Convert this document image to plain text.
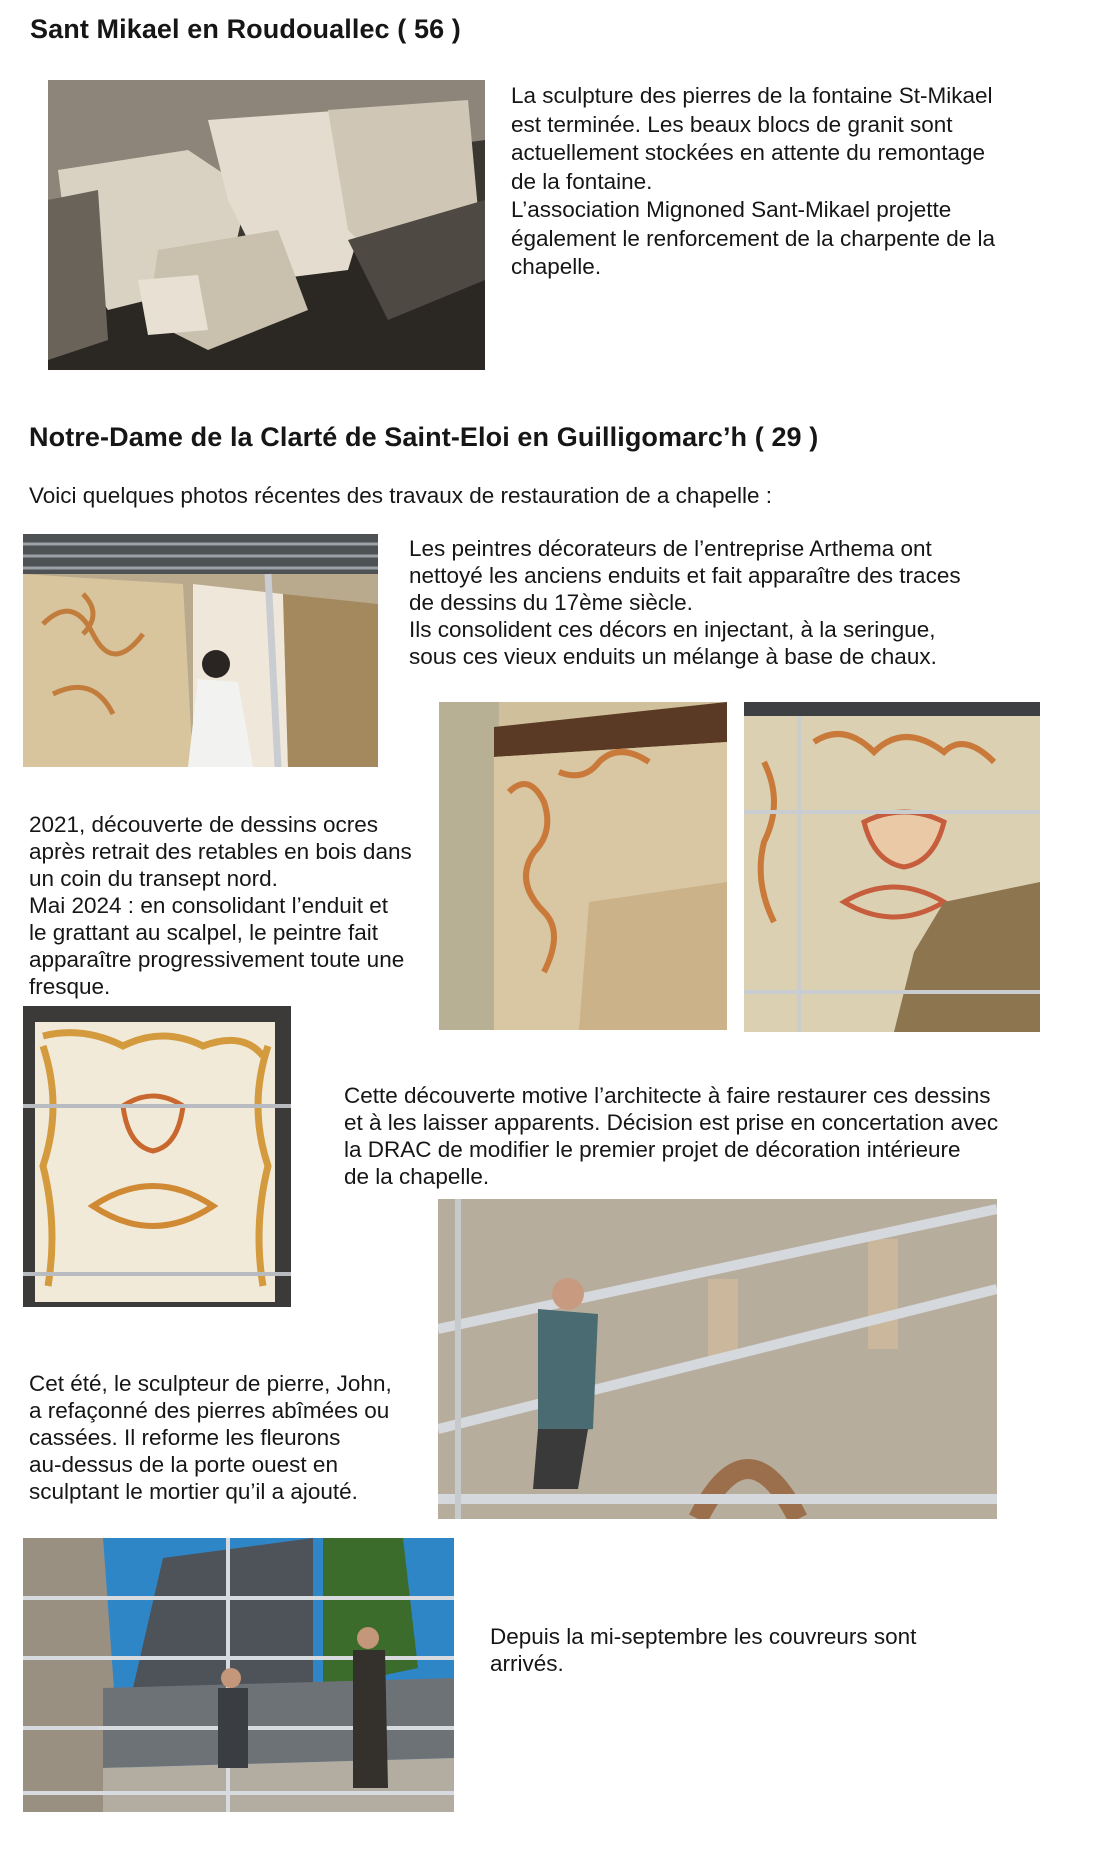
Sant Mikael en Roudouallec ( 56 )
La sculpture des pierres de la fontaine St-Mikael
est terminée. Les beaux blocs de granit sont
actuellement stockées en attente du remontage
de la fontaine.
L’association Mignoned Sant-Mikael projette
également le renforcement de la charpente de la
chapelle.
Notre-Dame de la Clarté de Saint-Eloi en Guilligomarc’h ( 29 )
Voici quelques photos récentes des travaux de restauration de a chapelle :
Les peintres décorateurs de l’entreprise Arthema ont
nettoyé les anciens enduits et fait apparaître des traces
de dessins du 17ème siècle.
Ils consolident ces décors en injectant, à la seringue,
sous ces vieux enduits un mélange à base de chaux.
2021, découverte de dessins ocres
après retrait des retables en bois dans
un coin du transept nord.
Mai 2024 : en consolidant l’enduit et
le grattant au scalpel, le peintre fait
apparaître progressivement toute une
fresque.
Cette découverte motive l’architecte à faire restaurer ces dessins
et à les laisser apparents. Décision est prise en concertation avec
la DRAC de modifier le premier projet de décoration intérieure
de la chapelle.
Cet été, le sculpteur de pierre, John,
a refaçonné des pierres abîmées ou
cassées. Il reforme les fleurons
au-dessus de la porte ouest en
sculptant le mortier qu’il a ajouté.
Depuis la mi-septembre les couvreurs sont
arrivés.
